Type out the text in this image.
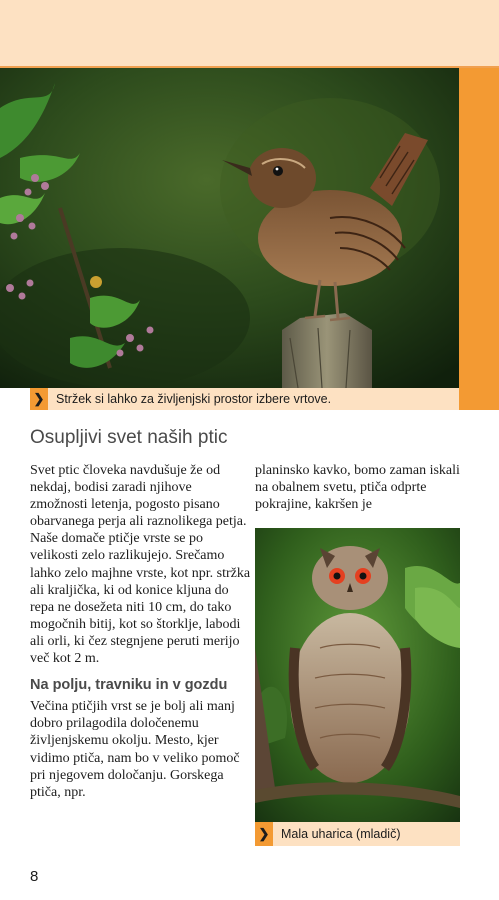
❯ Stržek si lahko za življenjski prostor izbere vrtove.
Osupljivi svet naših ptic

Svet ptic človeka navdušuje že od nekdaj, bodisi zaradi njihove zmožnosti letenja, pogosto pisano obarvanega perja ali raznolikega petja.

Naše domače ptičje vrste se po velikosti zelo razlikujejo. Srečamo lahko zelo majhne vrste, kot npr. stržka ali kraljička, ki od konice kljuna do repa ne dosežeta niti 10 cm, do tako mogočnih bitij, kot so štorklje, labodi ali orli, ki čez stegnjene peruti merijo več kot 2 m.

Na polju, travniku in v gozdu

Večina ptičjih vrst se je bolj ali manj dobro prilagodila določenemu življenjskemu okolju. Mesto, kjer vidimo ptiča, nam bo v veliko pomoč pri njegovem določanju. Gorskega ptiča, npr.

planinsko kavko, bomo zaman iskali na obalnem svetu, ptiča odprte pokrajine, kakršen je

❯ Mala uharica (mladič)
8
